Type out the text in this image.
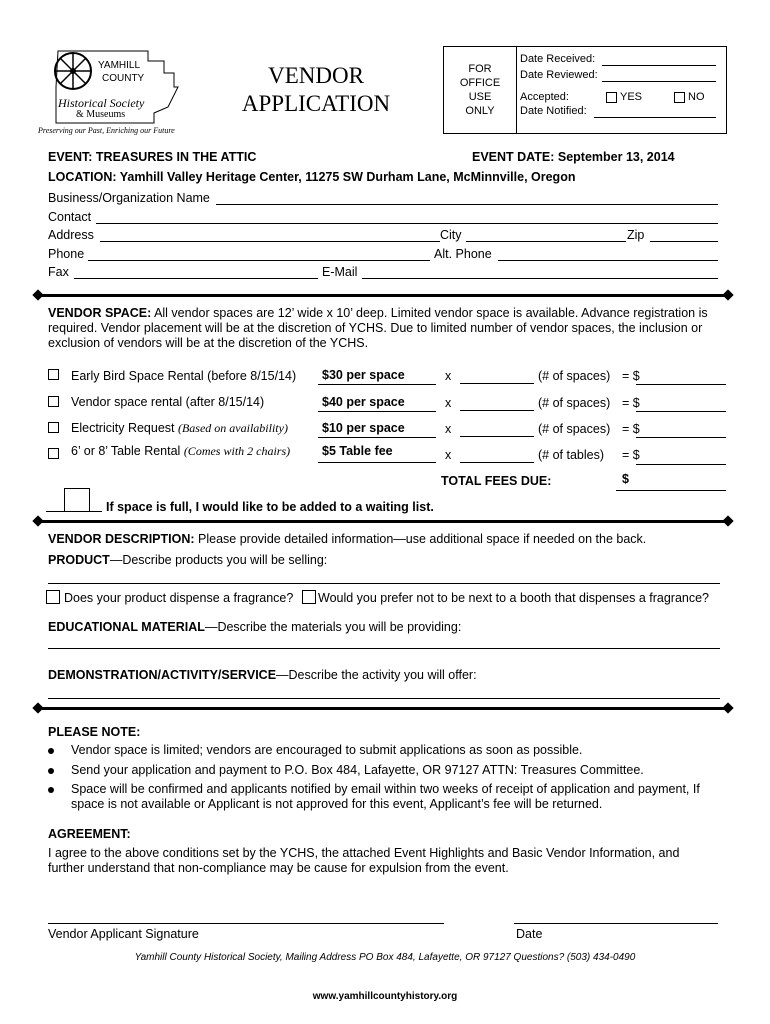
YAMHILL
COUNTY
Historical Society
& Museums
Preserving our Past, Enriching our Future
VENDOR
APPLICATION
FOR
OFFICE
USE
ONLY
Date Received:
Date Reviewed:
Accepted:	YES	NO
Date Notified:
EVENT: TREASURES IN THE ATTIC	EVENT DATE: September 13, 2014
LOCATION: Yamhill Valley Heritage Center, 11275 SW Durham Lane, McMinnville, Oregon
Business/Organization Name
Contact
Address	City	Zip
Phone	Alt. Phone
Fax	E-Mail
VENDOR SPACE: All vendor spaces are 12’ wide x 10’ deep. Limited vendor space is available. Advance registration is required. Vendor placement will be at the discretion of YCHS. Due to limited number of vendor spaces, the inclusion or exclusion of vendors will be at the discretion of the YCHS.
Early Bird Space Rental (before 8/15/14) $30 per space	x	(# of spaces) = $
Vendor space rental (after 8/15/14)	$40 per space	x	(# of spaces) = $
Electricity Request (Based on availability)	$10 per space	x	(# of spaces) = $
6’ or 8’ Table Rental (Comes with 2 chairs)	$5 Table fee	x	(# of tables) = $
TOTAL FEES DUE:	$
If space is full, I would like to be added to a waiting list.
VENDOR DESCRIPTION: Please provide detailed information—use additional space if needed on the back.
PRODUCT—Describe products you will be selling:
Does your product dispense a fragrance? Would you prefer not to be next to a booth that dispenses a fragrance?
EDUCATIONAL MATERIAL—Describe the materials you will be providing:
DEMONSTRATION/ACTIVITY/SERVICE—Describe the activity you will offer:
PLEASE NOTE:
Vendor space is limited; vendors are encouraged to submit applications as soon as possible.
Send your application and payment to P.O. Box 484, Lafayette, OR 97127 ATTN: Treasures Committee.
Space will be confirmed and applicants notified by email within two weeks of receipt of application and payment, If space is not available or Applicant is not approved for this event, Applicant’s fee will be returned.
AGREEMENT:
I agree to the above conditions set by the YCHS, the attached Event Highlights and Basic Vendor Information, and further understand that non-compliance may be cause for expulsion from the event.
Vendor Applicant Signature	Date
Yamhill County Historical Society, Mailing Address PO Box 484, Lafayette, OR 97127 Questions? (503) 434-0490
www.yamhillcountyhistory.org
